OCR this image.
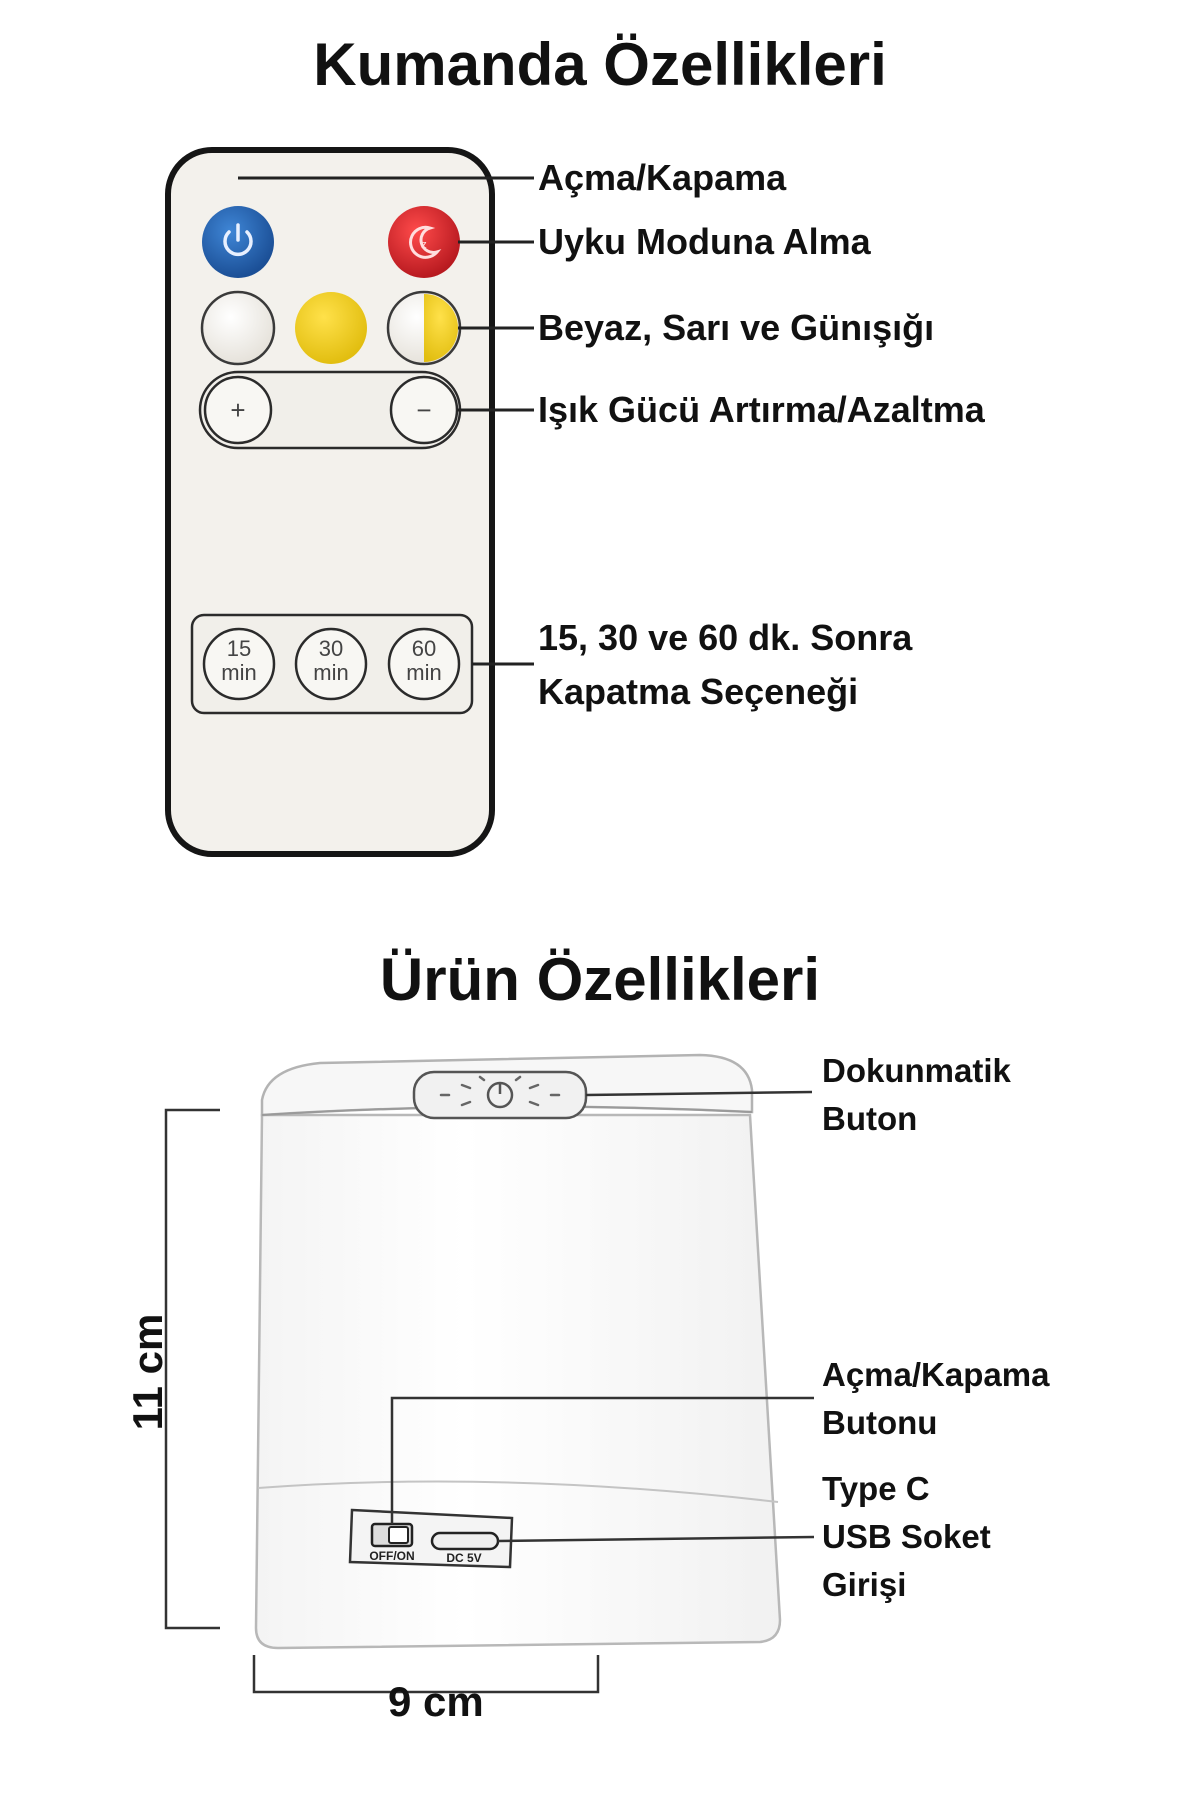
Kumanda Özellikleri
Ürün Özellikleri
z
+	−
15
min
30
min
60
min
OFF/ON	DC 5V
Açma/Kapama
Uyku Moduna Alma
Beyaz, Sarı ve Günışığı
Işık Gücü Artırma/Azaltma
15, 30 ve 60 dk. Sonra
Kapatma Seçeneği
Dokunmatik
Buton
Açma/Kapama
Butonu
Type C
USB Soket
Girişi
11 cm
9 cm
